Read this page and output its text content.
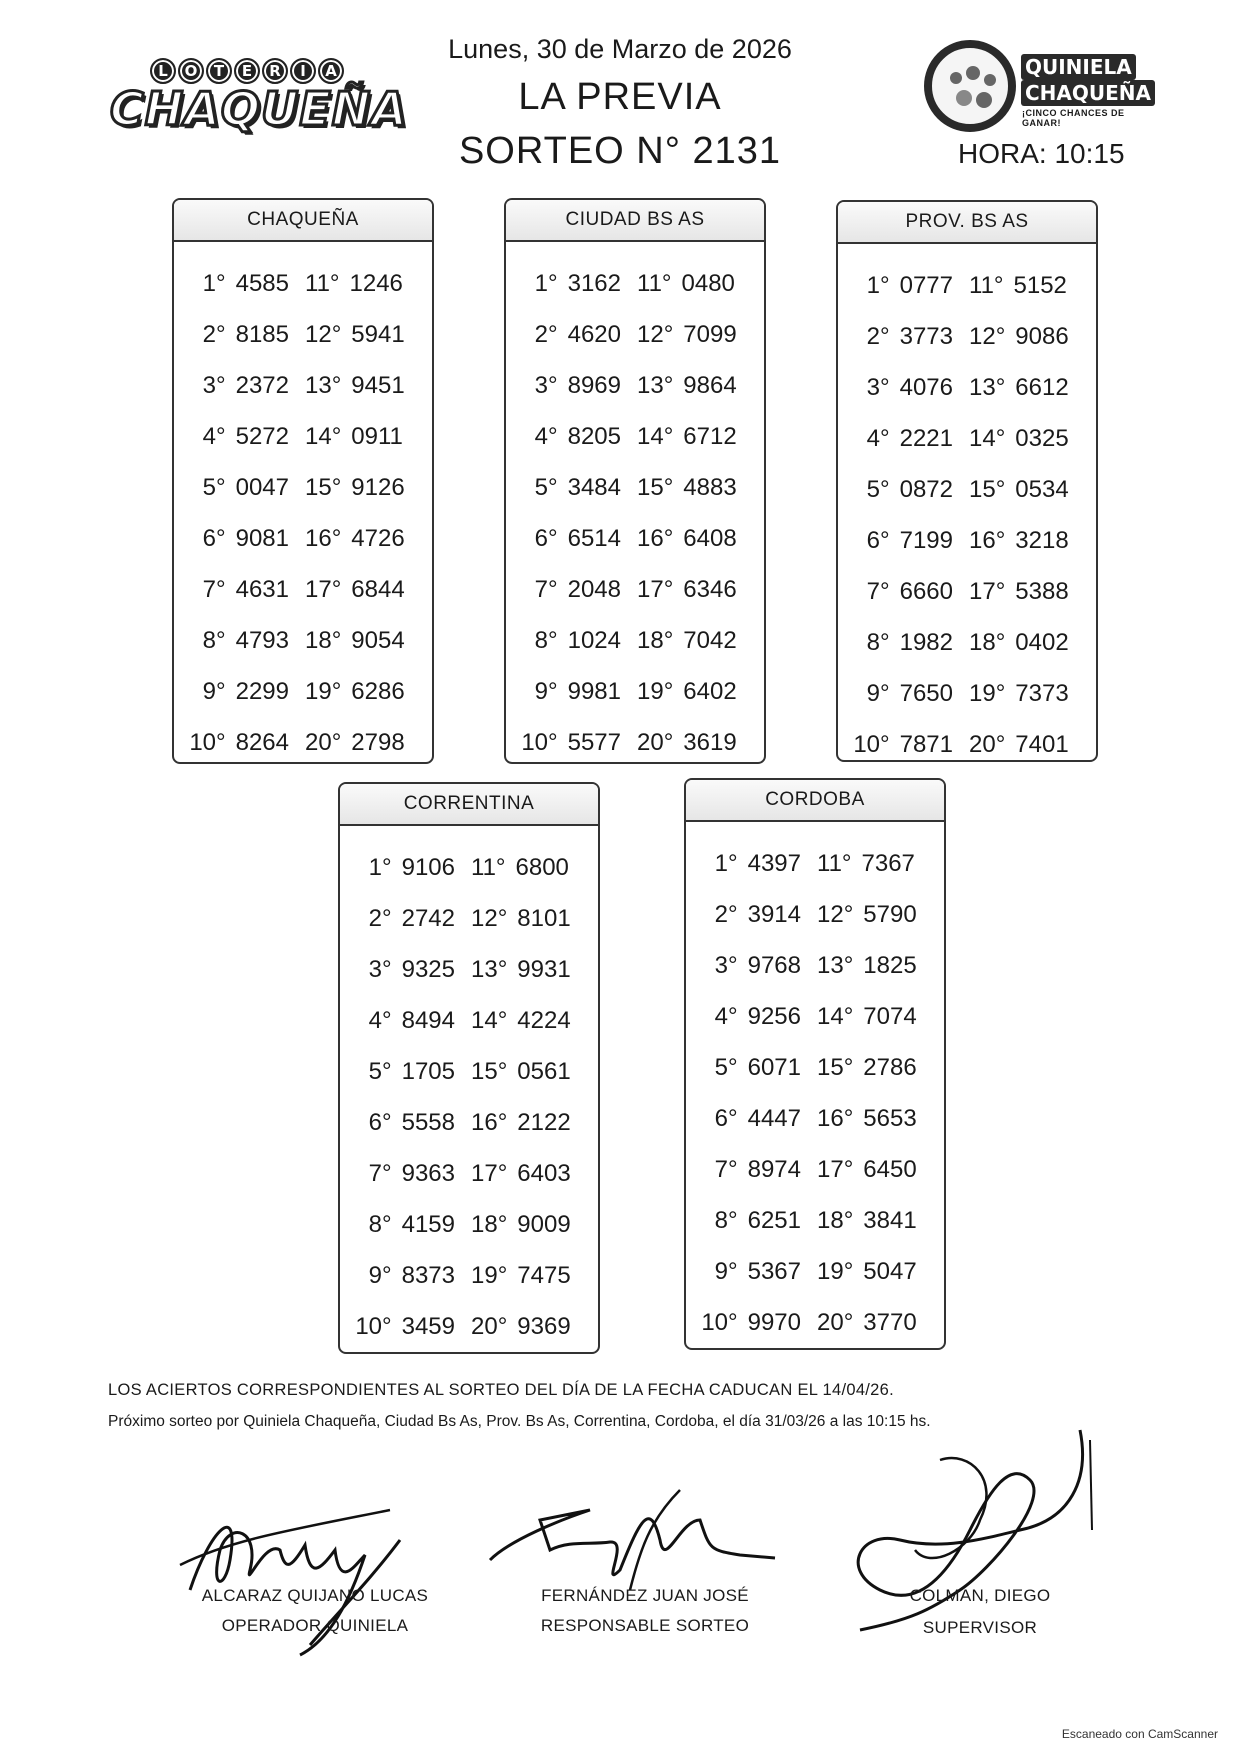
L	O	T	E	R	I	A
CHAQUEÑA
Lunes, 30 de Marzo de 2026
LA PREVIA
SORTEO N° 2131	HORA: 10:15
QUINIELA
CHAQUEÑA
¡CINCO CHANCES DE GANAR!
CHAQUEÑA
1° 4585 11° 1246
2° 8185 12° 5941
3° 2372 13° 9451
4° 5272 14° 0911
5° 0047 15° 9126
6° 9081 16° 4726
7° 4631 17° 6844
8° 4793 18° 9054
9° 2299 19° 6286
10° 8264 20° 2798
CIUDAD BS AS
1° 3162 11° 0480
2° 4620 12° 7099
3° 8969 13° 9864
4° 8205 14° 6712
5° 3484 15° 4883
6° 6514 16° 6408
7° 2048 17° 6346
8° 1024 18° 7042
9° 9981 19° 6402
10° 5577 20° 3619
PROV. BS AS
1° 0777 11° 5152
2° 3773 12° 9086
3° 4076 13° 6612
4° 2221 14° 0325
5° 0872 15° 0534
6° 7199 16° 3218
7° 6660 17° 5388
8° 1982 18° 0402
9° 7650 19° 7373
10° 7871 20° 7401
CORRENTINA
1° 9106 11° 6800
2° 2742 12° 8101
3° 9325 13° 9931
4° 8494 14° 4224
5° 1705 15° 0561
6° 5558 16° 2122
7° 9363 17° 6403
8° 4159 18° 9009
9° 8373 19° 7475
10° 3459 20° 9369
CORDOBA
1° 4397 11° 7367
2° 3914 12° 5790
3° 9768 13° 1825
4° 9256 14° 7074
5° 6071 15° 2786
6° 4447 16° 5653
7° 8974 17° 6450
8° 6251 18° 3841
9° 5367 19° 5047
10° 9970 20° 3770
LOS ACIERTOS CORRESPONDIENTES AL SORTEO DEL DÍA DE LA FECHA CADUCAN EL 14/04/26.
Próximo sorteo por Quiniela Chaqueña, Ciudad Bs As, Prov. Bs As, Correntina, Cordoba, el día 31/03/26 a las 10:15 hs.
ALCARAZ QUIJANO LUCAS
OPERADOR QUINIELA
FERNÁNDEZ JUAN JOSÉ
RESPONSABLE SORTEO
COLMAN, DIEGO
SUPERVISOR
Escaneado con CamScanner
